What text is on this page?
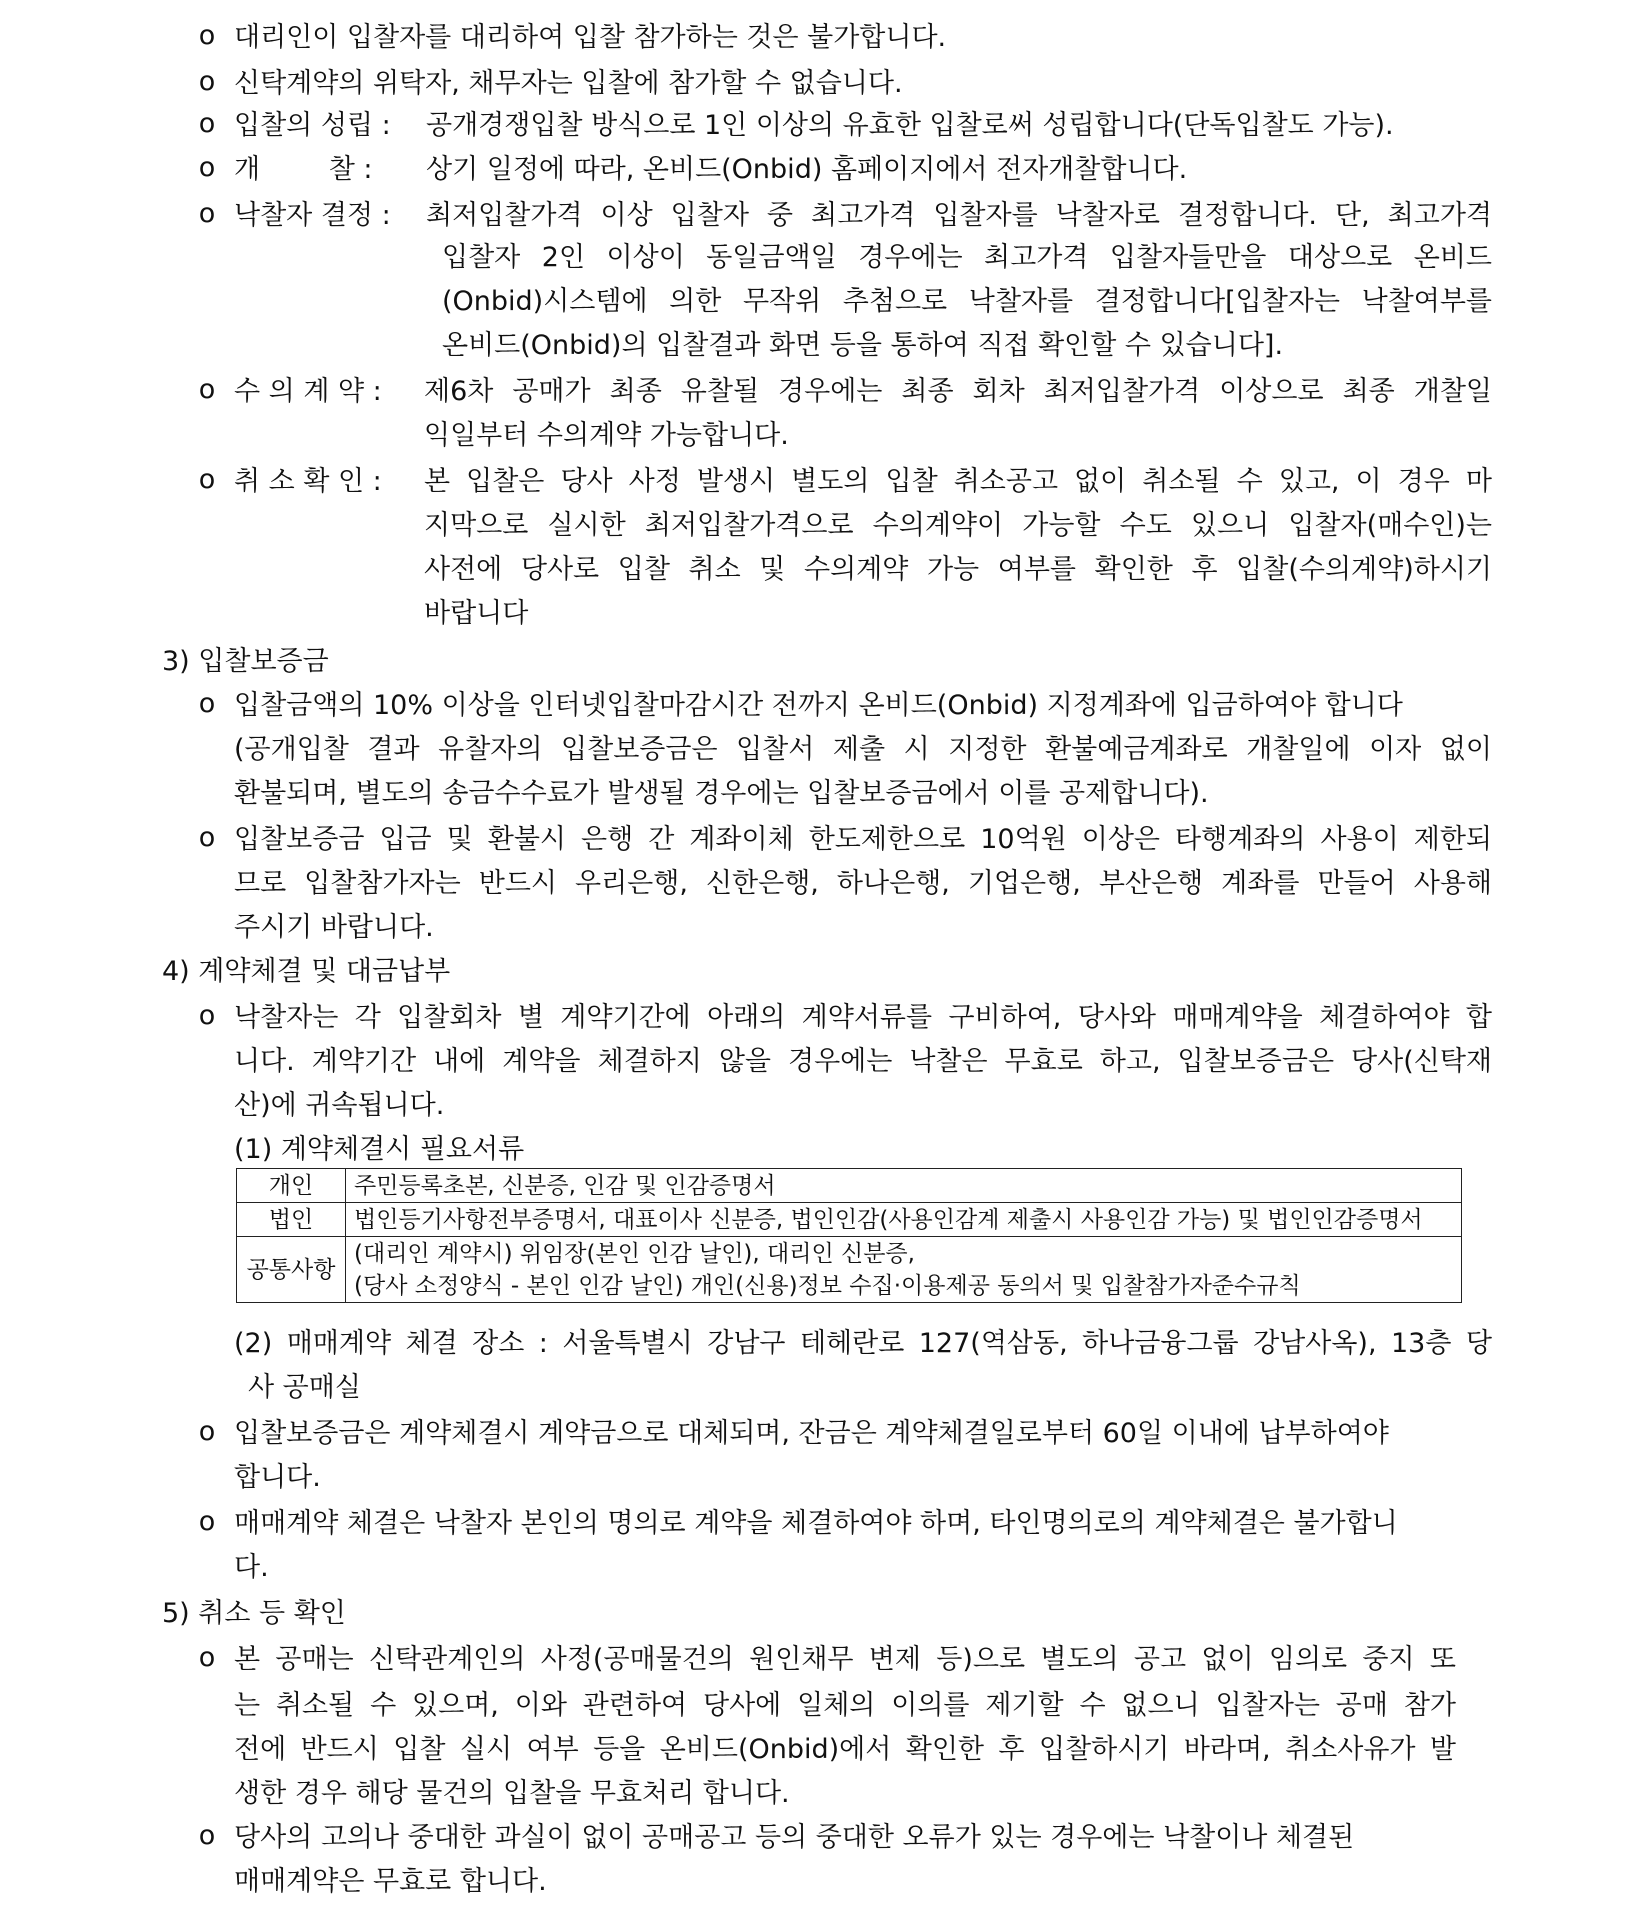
o 대리인이 입찰자를 대리하여 입찰 참가하는 것은 불가합니다.
o 신탁계약의 위탁자, 채무자는 입찰에 참가할 수 없습니다.
o 입찰의 성립 : 공개경쟁입찰 방식으로 1인 이상의 유효한 입찰로써 성립합니다(단독입찰도 가능).
o 개        찰 : 상기 일정에 따라, 온비드(Onbid) 홈페이지에서 전자개찰합니다.
o 낙찰자 결정 : 최저입찰가격 이상 입찰자 중 최고가격 입찰자를 낙찰자로 결정합니다. 단, 최고가격
입찰자 2인 이상이 동일금액일 경우에는 최고가격 입찰자들만을 대상으로 온비드
(Onbid)시스템에 의한 무작위 추첨으로 낙찰자를 결정합니다[입찰자는 낙찰여부를
온비드(Onbid)의 입찰결과 화면 등을 통하여 직접 확인할 수 있습니다].
o 수 의 계 약 : 제6차 공매가 최종 유찰될 경우에는 최종 회차 최저입찰가격 이상으로 최종 개찰일
익일부터 수의계약 가능합니다.
o 취 소 확 인 : 본 입찰은 당사 사정 발생시 별도의 입찰 취소공고 없이 취소될 수 있고, 이 경우 마
지막으로 실시한 최저입찰가격으로 수의계약이 가능할 수도 있으니 입찰자(매수인)는
사전에 당사로 입찰 취소 및 수의계약 가능 여부를 확인한 후 입찰(수의계약)하시기
바랍니다
3) 입찰보증금
o 입찰금액의 10% 이상을 인터넷입찰마감시간 전까지 온비드(Onbid) 지정계좌에 입금하여야 합니다
(공개입찰 결과 유찰자의 입찰보증금은 입찰서 제출 시 지정한 환불예금계좌로 개찰일에 이자 없이
환불되며, 별도의 송금수수료가 발생될 경우에는 입찰보증금에서 이를 공제합니다).
o 입찰보증금 입금 및 환불시 은행 간 계좌이체 한도제한으로 10억원 이상은 타행계좌의 사용이 제한되
므로 입찰참가자는 반드시 우리은행, 신한은행, 하나은행, 기업은행, 부산은행 계좌를 만들어 사용해
주시기 바랍니다.
4) 계약체결 및 대금납부
o 낙찰자는 각 입찰회차 별 계약기간에 아래의 계약서류를 구비하여, 당사와 매매계약을 체결하여야 합
니다. 계약기간 내에 계약을 체결하지 않을 경우에는 낙찰은 무효로 하고, 입찰보증금은 당사(신탁재
산)에 귀속됩니다.
(1) 계약체결시 필요서류
개인	주민등록초본, 신분증, 인감 및 인감증명서
법인	법인등기사항전부증명서, 대표이사 신분증, 법인인감(사용인감계 제출시 사용인감 가능) 및 법인인감증명서
공통사항	(대리인 계약시) 위임장(본인 인감 날인), 대리인 신분증,
(당사 소정양식 - 본인 인감 날인) 개인(신용)정보 수집·이용제공 동의서 및 입찰참가자준수규칙
(2) 매매계약 체결 장소 : 서울특별시 강남구 테헤란로 127(역삼동, 하나금융그룹 강남사옥), 13층 당
사 공매실
o 입찰보증금은 계약체결시 계약금으로 대체되며, 잔금은 계약체결일로부터 60일 이내에 납부하여야
합니다.
o 매매계약 체결은 낙찰자 본인의 명의로 계약을 체결하여야 하며, 타인명의로의 계약체결은 불가합니
다.
5) 취소 등 확인
o 본 공매는 신탁관계인의 사정(공매물건의 원인채무 변제 등)으로 별도의 공고 없이 임의로 중지 또
는 취소될 수 있으며, 이와 관련하여 당사에 일체의 이의를 제기할 수 없으니 입찰자는 공매 참가
전에 반드시 입찰 실시 여부 등을 온비드(Onbid)에서 확인한 후 입찰하시기 바라며, 취소사유가 발
생한 경우 해당 물건의 입찰을 무효처리 합니다.
o 당사의 고의나 중대한 과실이 없이 공매공고 등의 중대한 오류가 있는 경우에는 낙찰이나 체결된
매매계약은 무효로 합니다.
